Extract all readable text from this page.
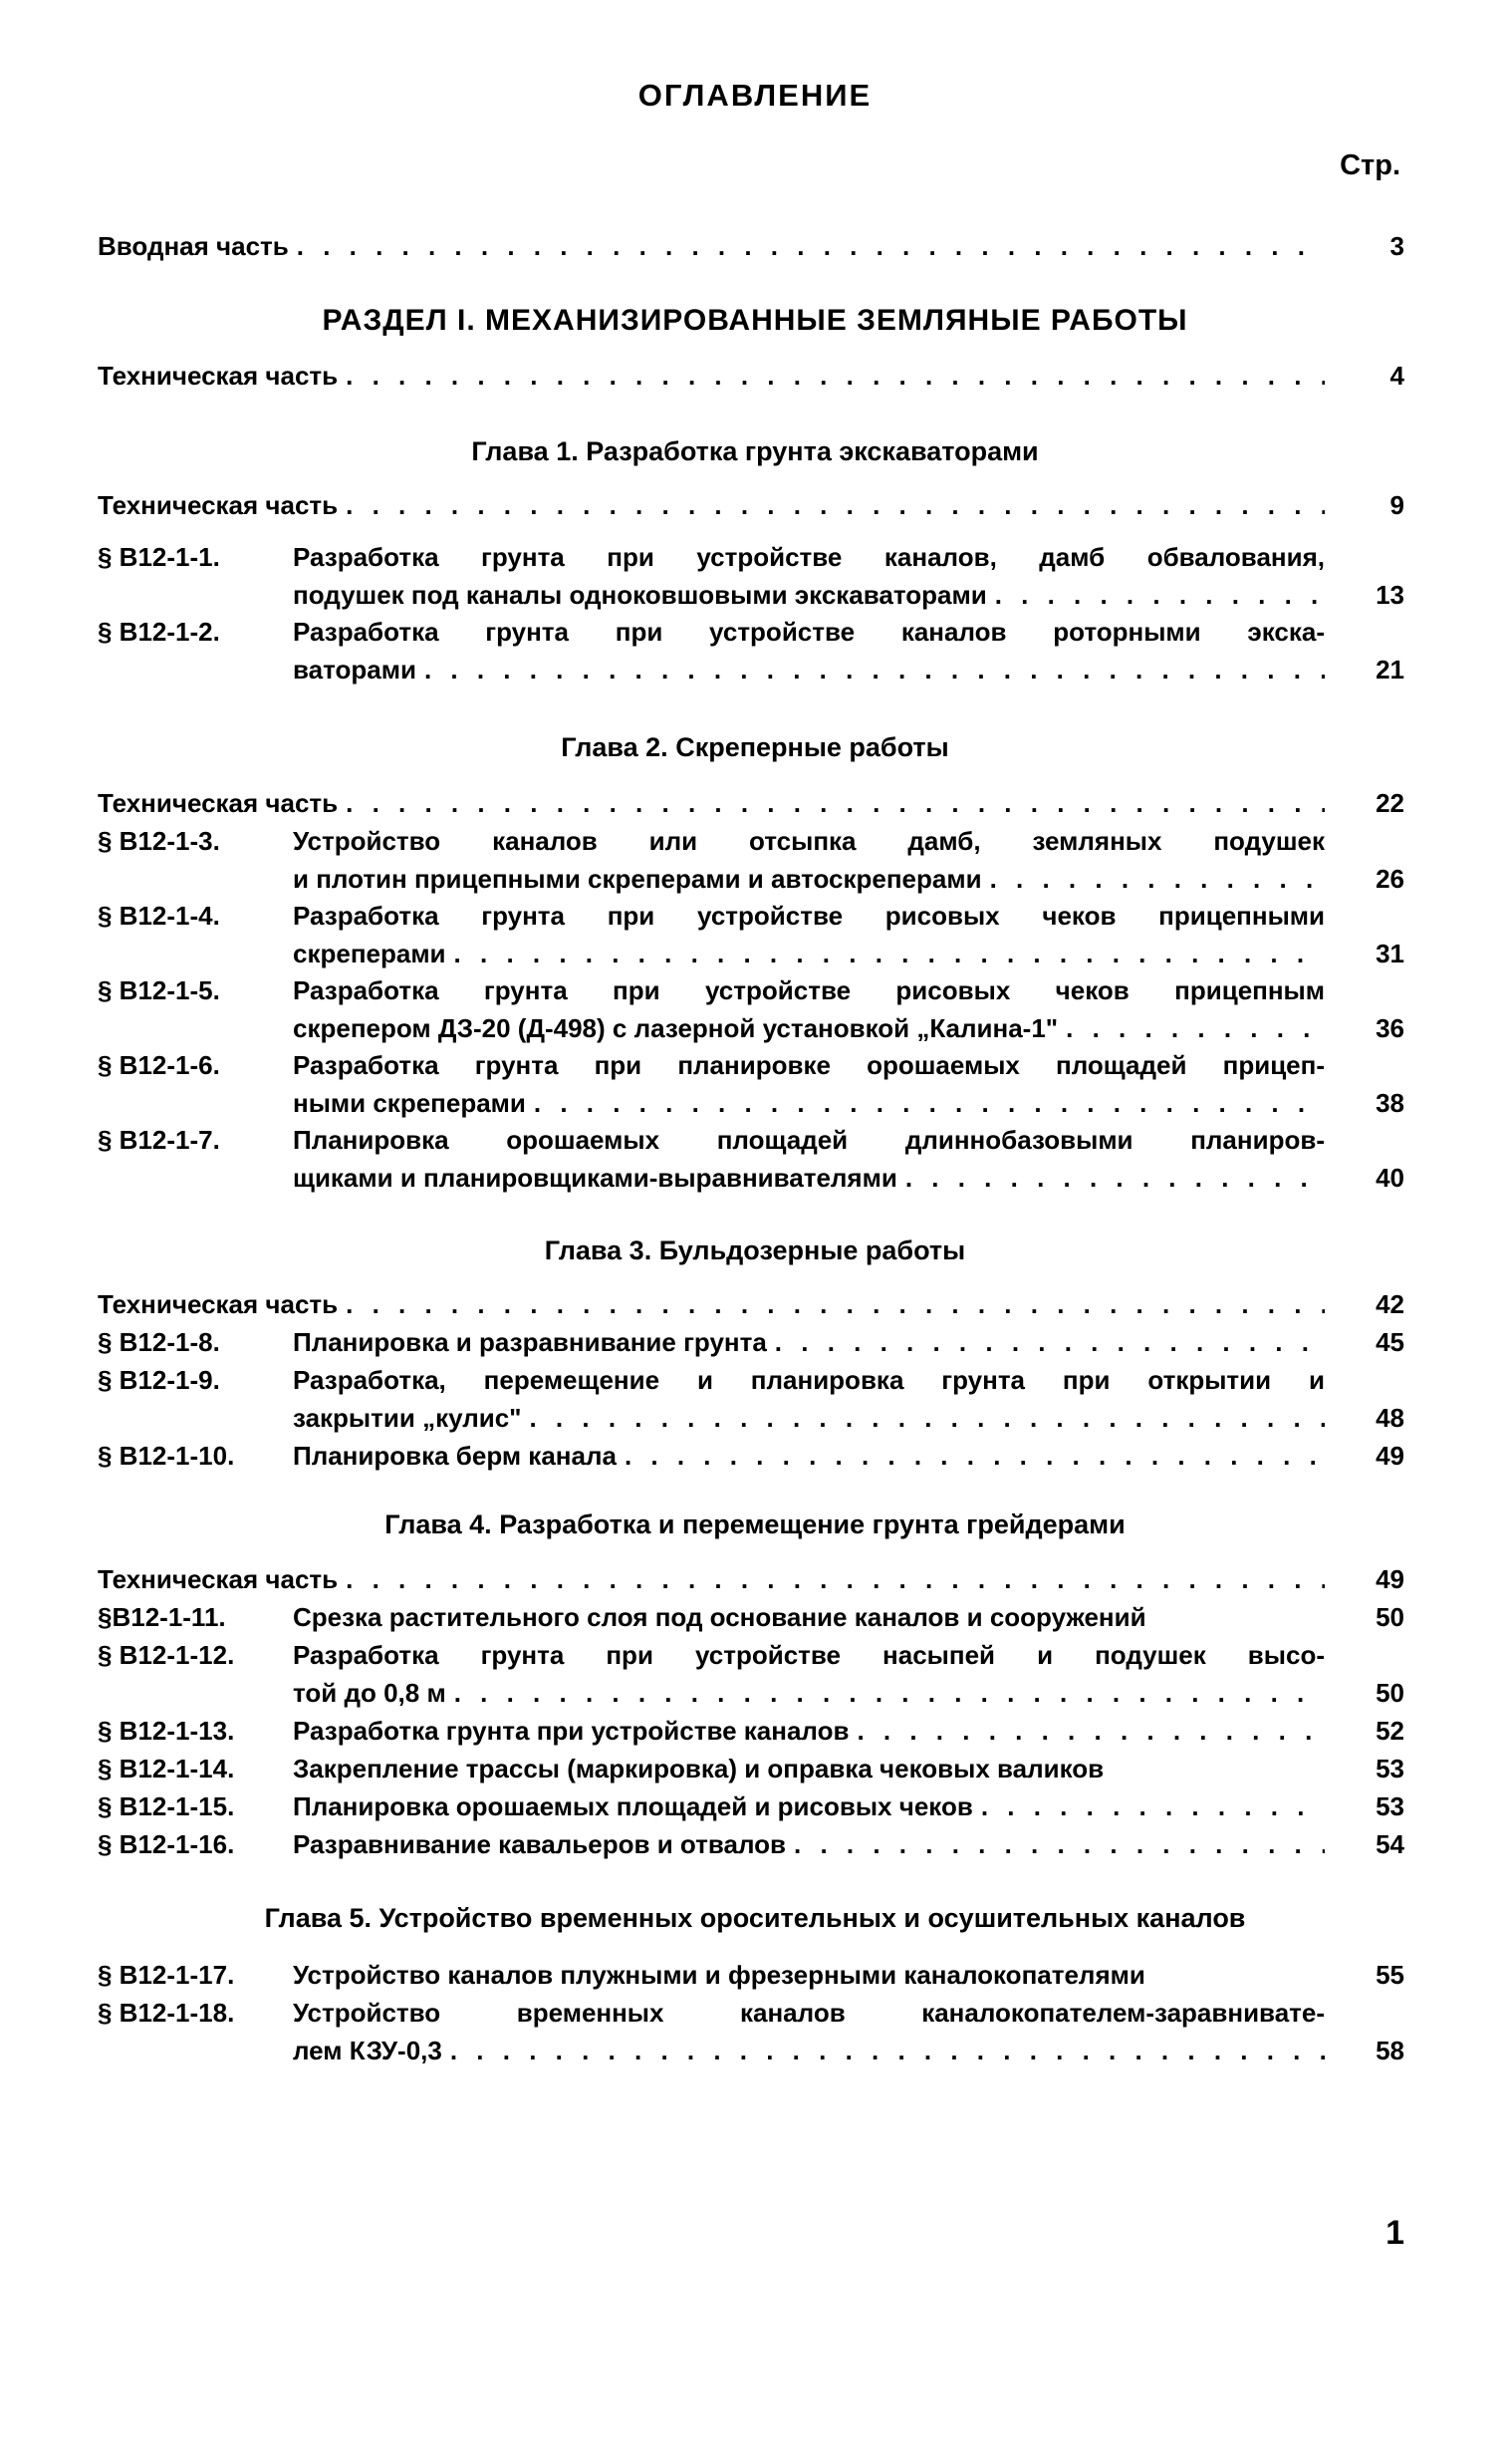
ОГЛАВЛЕНИЕ
Стр.
Вводная часть . . .	3
РАЗДЕЛ I. МЕХАНИЗИРОВАННЫЕ ЗЕМЛЯНЫЕ РАБОТЫ
Техническая часть . . .	4
Глава 1. Разработка грунта экскаваторами
Техническая часть . . .	9
§ В12-1-1.	Разработка грунта при устройстве каналов, дамб обвалования,
подушек под каналы одноковшовыми экскаваторами . . .	13
§ В12-1-2.	Разработка грунта при устройстве каналов роторными экска-
ваторами . . .	21
Глава 2. Скреперные работы
Техническая часть . . .	22
§ В12-1-3.	Устройство каналов или отсыпка дамб, земляных подушек
и плотин прицепными скреперами и автоскреперами . . .	26
§ В12-1-4.	Разработка грунта при устройстве рисовых чеков прицепными
скреперами . . .	31
§ В12-1-5.	Разработка грунта при устройстве рисовых чеков прицепным
скрепером ДЗ-20 (Д-498) с лазерной установкой „Калина-1" . . .	36
§ В12-1-6.	Разработка грунта при планировке орошаемых площадей прицеп-
ными скреперами . . .	38
§ В12-1-7.	Планировка орошаемых площадей длиннобазовыми планиров-
щиками и планировщиками-выравнивателями . . .	40
Глава 3. Бульдозерные работы
Техническая часть . . .	42
§ В12-1-8.	Планировка и разравнивание грунта . . .	45
§ В12-1-9.	Разработка, перемещение и планировка грунта при открытии и
закрытии „кулис" . . .	48
§ В12-1-10. Планировка берм канала . . .	49
Глава 4. Разработка и перемещение грунта грейдерами
Техническая часть . . .	49
§В12-1-11.	Срезка растительного слоя под основание каналов и сооружений	50
§ В12-1-12. Разработка грунта при устройстве насыпей и подушек высо-
той до 0,8 м . . .	50
§ В12-1-13. Разработка грунта при устройстве каналов . . .	52
§ В12-1-14. Закрепление трассы (маркировка) и оправка чековых валиков	53
§ В12-1-15. Планировка орошаемых площадей и рисовых чеков . . .	53
§ В12-1-16. Разравнивание кавальеров и отвалов . . .	54
Глава 5. Устройство временных оросительных и осушительных каналов
§ В12-1-17. Устройство каналов плужными и фрезерными каналокопателями	55
§ В12-1-18. Устройство временных каналов каналокопателем-заравнивате-
лем КЗУ-0,3 . . .	58
1
